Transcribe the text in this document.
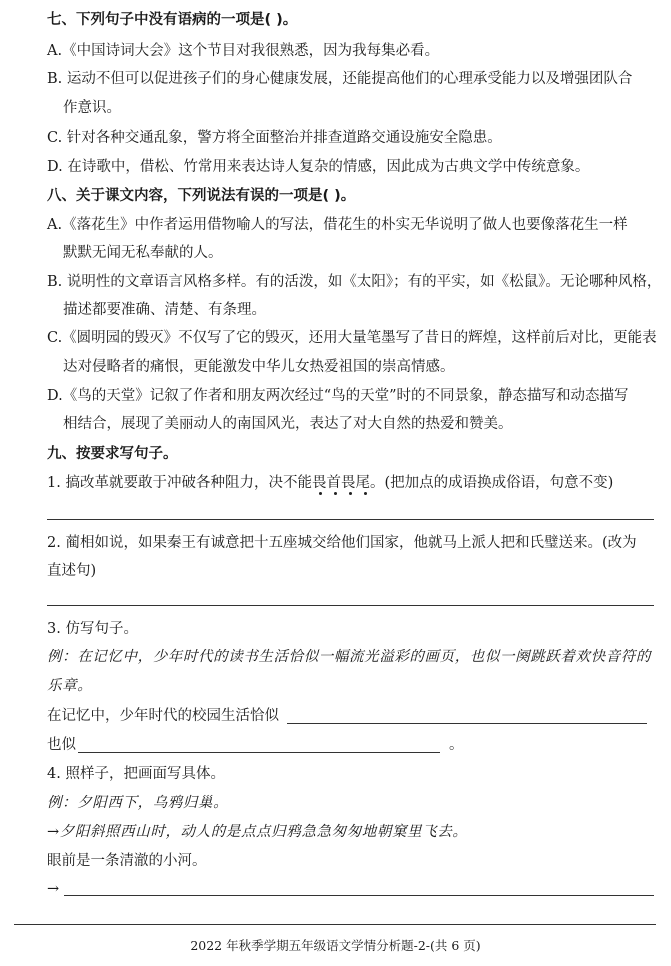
七、下列句子中没有语病的一项是( )。
A.《中国诗词大会》这个节目对我很熟悉，因为我每集必看。
B. 运动不但可以促进孩子们的身心健康发展，还能提高他们的心理承受能力以及增强团队合
作意识。
C. 针对各种交通乱象，警方将全面整治并排查道路交通设施安全隐患。
D. 在诗歌中，借松、竹常用来表达诗人复杂的情感，因此成为古典文学中传统意象。
八、关于课文内容，下列说法有误的一项是( )。
A.《落花生》中作者运用借物喻人的写法，借花生的朴实无华说明了做人也要像落花生一样
默默无闻无私奉献的人。
B. 说明性的文章语言风格多样。有的活泼，如《太阳》；有的平实，如《松鼠》。无论哪种风格，
描述都要准确、清楚、有条理。
C.《圆明园的毁灭》不仅写了它的毁灭，还用大量笔墨写了昔日的辉煌，这样前后对比，更能表
达对侵略者的痛恨，更能激发中华儿女热爱祖国的崇高情感。
D.《鸟的天堂》记叙了作者和朋友两次经过“鸟的天堂”时的不同景象，静态描写和动态描写
相结合，展现了美丽动人的南国风光，表达了对大自然的热爱和赞美。
九、按要求写句子。
1. 搞改革就要敢于冲破各种阻力，决不能畏首畏尾。(把加点的成语换成俗语，句意不变)
2. 蔺相如说，如果秦王有诚意把十五座城交给他们国家，他就马上派人把和氏璧送来。(改为
直述句)
3. 仿写句子。
例：在记忆中，少年时代的读书生活恰似一幅流光溢彩的画页，也似一阕跳跃着欢快音符的
乐章。
在记忆中，少年时代的校园生活恰似
也似	。
4. 照样子，把画面写具体。
例：夕阳西下，乌鸦归巢。
→夕阳斜照西山时，动人的是点点归鸦急急匆匆地朝窠里飞去。
眼前是一条清澈的小河。
→
2022 年秋季学期五年级语文学情分析题-2-(共 6 页)
